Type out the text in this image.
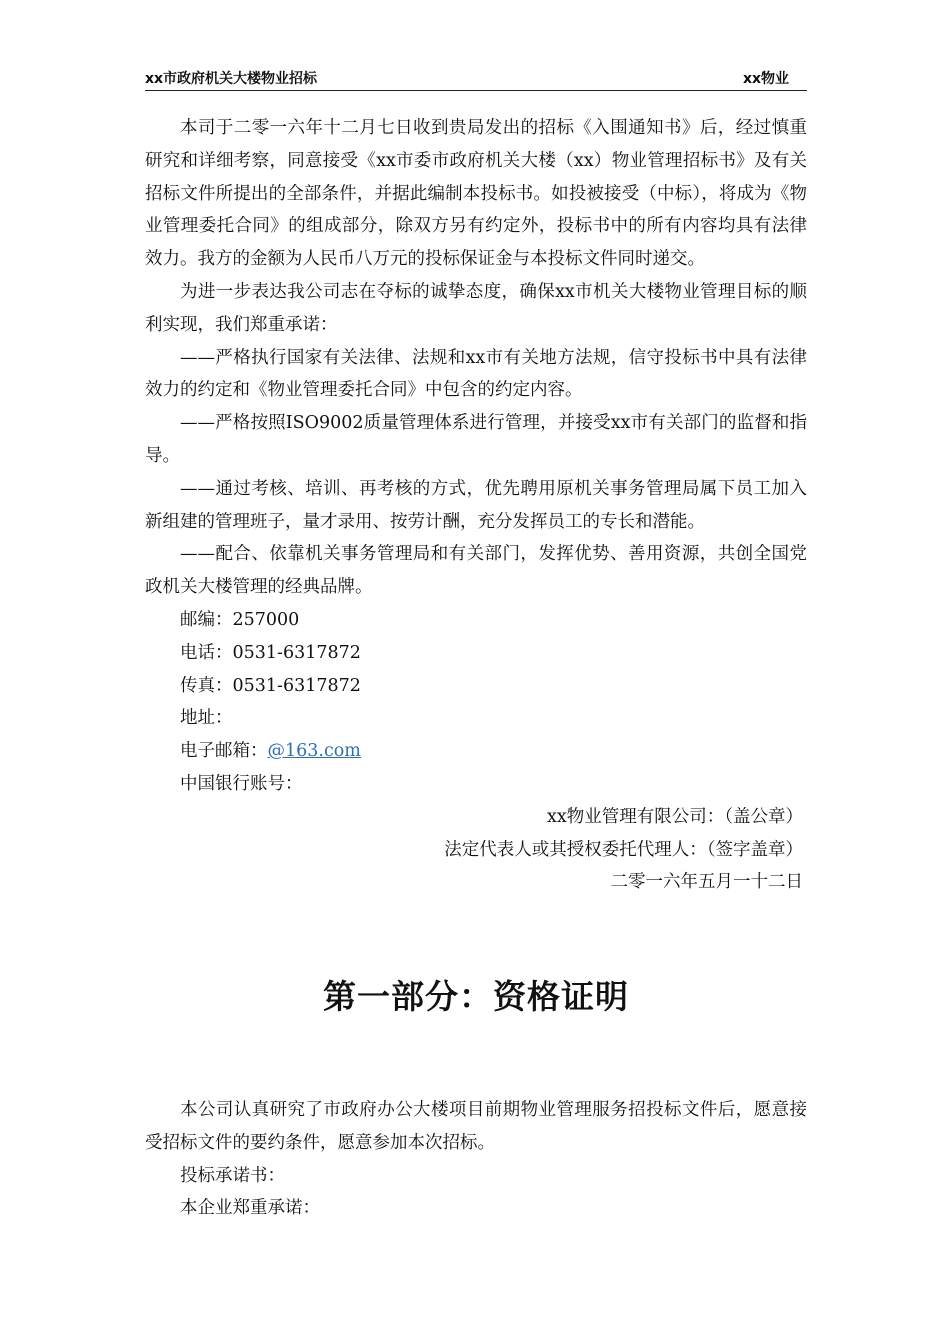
xx市政府机关大楼物业招标	xx物业

本司于二零一六年十二月七日收到贵局发出的招标《入围通知书》后，经过慎重研究和详细考察，同意接受《xx市委市政府机关大楼（xx）物业管理招标书》及有关招标文件所提出的全部条件，并据此编制本投标书。如投被接受（中标），将成为《物业管理委托合同》的组成部分，除双方另有约定外，投标书中的所有内容均具有法律效力。我方的金额为人民币八万元的投标保证金与本投标文件同时递交。

为进一步表达我公司志在夺标的诚挚态度，确保xx市机关大楼物业管理目标的顺利实现，我们郑重承诺：

——严格执行国家有关法律、法规和xx市有关地方法规，信守投标书中具有法律效力的约定和《物业管理委托合同》中包含的约定内容。

——严格按照ISO9002质量管理体系进行管理，并接受xx市有关部门的监督和指导。

——通过考核、培训、再考核的方式，优先聘用原机关事务管理局属下员工加入新组建的管理班子，量才录用、按劳计酬，充分发挥员工的专长和潜能。

——配合、依靠机关事务管理局和有关部门，发挥优势、善用资源，共创全国党政机关大楼管理的经典品牌。

邮编：257000

电话：0531-6317872

传真：0531-6317872

地址：

电子邮箱：@163.com

中国银行账号：

xx物业管理有限公司：（盖公章）

法定代表人或其授权委托代理人：（签字盖章）

二零一六年五月一十二日

第一部分：资格证明

本公司认真研究了市政府办公大楼项目前期物业管理服务招投标文件后，愿意接受招标文件的要约条件，愿意参加本次招标。

投标承诺书：

本企业郑重承诺：
